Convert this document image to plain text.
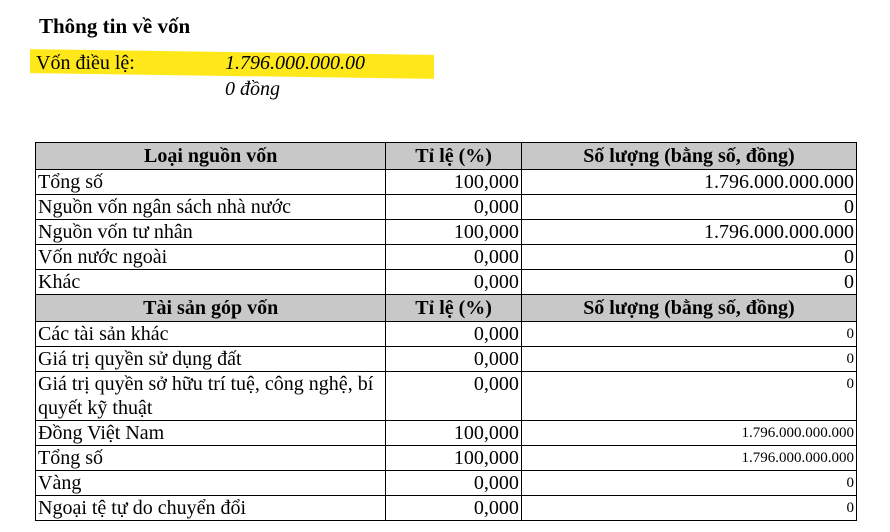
Thông tin về vốn
Vốn điều lệ:	1.796.000.000.00
0 đồng
Loại nguồn vốn	Tỉ lệ (%)	Số lượng (bằng số, đồng)
Tổng số	100,000	1.796.000.000.000
Nguồn vốn ngân sách nhà nước	0,000	0
Nguồn vốn tư nhân	100,000	1.796.000.000.000
Vốn nước ngoài	0,000	0
Khác	0,000	0
Tài sản góp vốn	Tỉ lệ (%)	Số lượng (bằng số, đồng)
Các tài sản khác	0,000	0
Giá trị quyền sử dụng đất	0,000	0
Giá trị quyền sở hữu trí tuệ, công nghệ, bí quyết kỹ thuật	0,000	0
Đồng Việt Nam	100,000	1.796.000.000.000
Tổng số	100,000	1.796.000.000.000
Vàng	0,000	0
Ngoại tệ tự do chuyển đổi	0,000	0
